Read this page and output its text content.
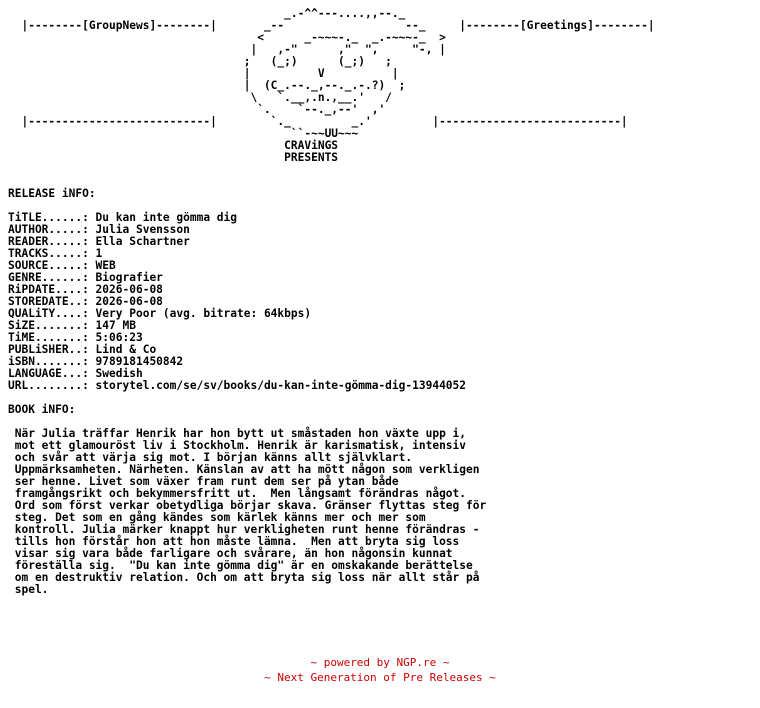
_.-^^---....,,--._
|--------[GroupNews]--------|       _--                  --_     |--------[Greetings]--------|
<      _-~~~-._  _.-~~~-_  >
|   ,-"      ,"  ",     "-, |
;   (_;)      (_;)   ;
|          V          |
|  (C_.--._,--._.-.?)  ;
\   `.__,.n.,__.'   /
`.    `--._,--'  ,'
|---------------------------|        `._         _.'         |---------------------------|
``-~~UU~~~
CRAViNGS
PRESENTS

RELEASE iNFO:

TiTLE......: Du kan inte gömma dig
AUTHOR.....: Julia Svensson
READER.....: Ella Schartner
TRACKS.....: 1
SOURCE.....: WEB
GENRE......: Biografier
RiPDATE....: 2026-06-08
STOREDATE..: 2026-06-08
QUALiTY....: Very Poor (avg. bitrate: 64kbps)
SiZE.......: 147 MB
TiME.......: 5:06:23
PUBLiSHER..: Lind & Co
iSBN.......: 9789181450842
LANGUAGE...: Swedish
URL........: storytel.com/se/sv/books/du-kan-inte-gömma-dig-13944052

BOOK iNFO:

När Julia träffar Henrik har hon bytt ut småstaden hon växte upp i,
mot ett glamouröst liv i Stockholm. Henrik är karismatisk, intensiv
och svår att värja sig mot. I början känns allt självklart.
Uppmärksamheten. Närheten. Känslan av att ha mött någon som verkligen
ser henne. Livet som växer fram runt dem ser på ytan både
framgångsrikt och bekymmersfritt ut.  Men långsamt förändras något.
Ord som först verkar obetydliga börjar skava. Gränser flyttas steg för
steg. Det som en gång kändes som kärlek känns mer och mer som
kontroll. Julia märker knappt hur verkligheten runt henne förändras -
tills hon förstår hon att hon måste lämna.  Men att bryta sig loss
visar sig vara både farligare och svårare, än hon någonsin kunnat
föreställa sig.  "Du kan inte gömma dig" är en omskakande berättelse
om en destruktiv relation. Och om att bryta sig loss när allt står på
spel.
~ powered by NGP.re ~
~ Next Generation of Pre Releases ~
